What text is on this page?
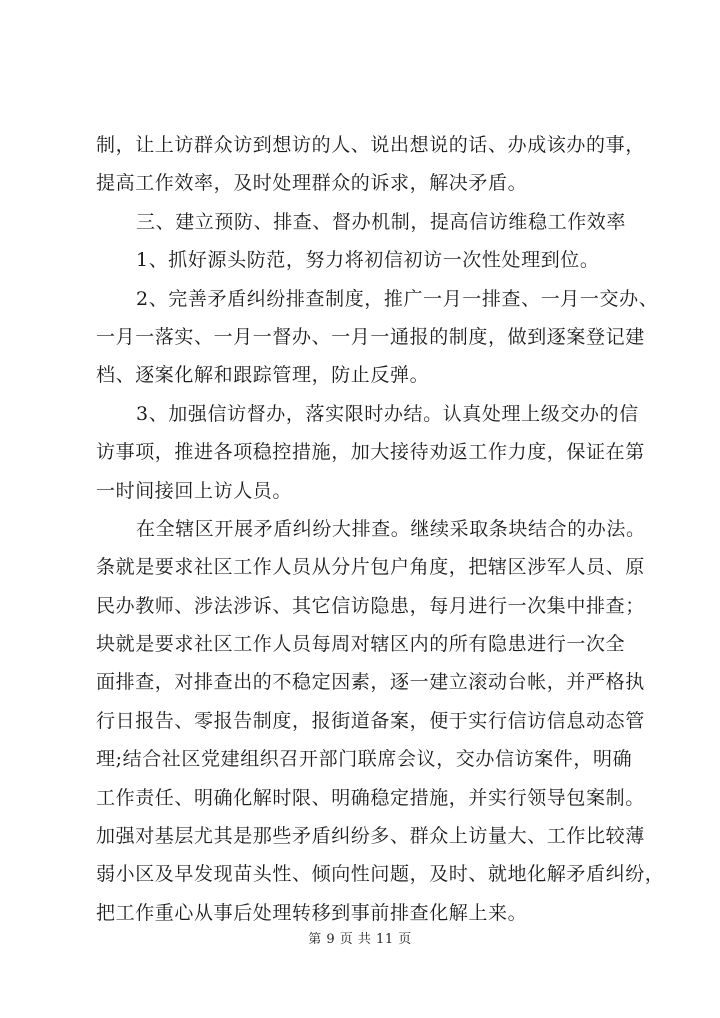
制，让上访群众访到想访的人、说出想说的话、办成该办的事，
提高工作效率，及时处理群众的诉求，解决矛盾。
三、建立预防、排查、督办机制，提高信访维稳工作效率
1、抓好源头防范，努力将初信初访一次性处理到位。
2、完善矛盾纠纷排查制度，推广一月一排查、一月一交办、
一月一落实、一月一督办、一月一通报的制度，做到逐案登记建
档、逐案化解和跟踪管理，防止反弹。
3、加强信访督办，落实限时办结。认真处理上级交办的信
访事项，推进各项稳控措施，加大接待劝返工作力度，保证在第
一时间接回上访人员。
在全辖区开展矛盾纠纷大排查。继续采取条块结合的办法。
条就是要求社区工作人员从分片包户角度，把辖区涉军人员、原
民办教师、涉法涉诉、其它信访隐患，每月进行一次集中排查；
块就是要求社区工作人员每周对辖区内的所有隐患进行一次全
面排查，对排查出的不稳定因素，逐一建立滚动台帐，并严格执
行日报告、零报告制度，报街道备案，便于实行信访信息动态管
理;结合社区党建组织召开部门联席会议，交办信访案件，明确
工作责任、明确化解时限、明确稳定措施，并实行领导包案制。
加强对基层尤其是那些矛盾纠纷多、群众上访量大、工作比较薄
弱小区及早发现苗头性、倾向性问题，及时、就地化解矛盾纠纷，
把工作重心从事后处理转移到事前排查化解上来。
第 9 页 共 11 页
